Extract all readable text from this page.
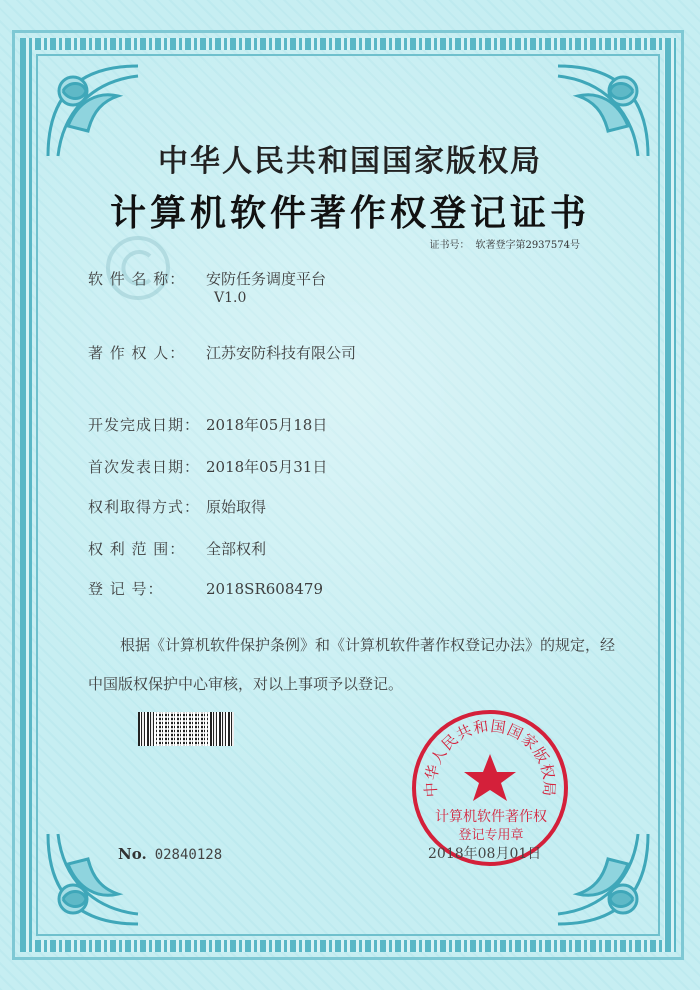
中华人民共和国国家版权局
计算机软件著作权登记证书
证书号： 软著登字第2937574号
软 件 名 称： 安防任务调度平台
V1.0
著 作 权 人： 江苏安防科技有限公司
开发完成日期： 2018年05月18日
首次发表日期： 2018年05月31日
权利取得方式： 原始取得
权 利 范 围： 全部权利
登 记 号：	2018SR608479
根据《计算机软件保护条例》和《计算机软件著作权登记办法》的规定，经中国版权保护中心审核，对以上事项予以登记。
No. 02840128
中华人民共和国国家版权局
计算机软件著作权
登记专用章
2018年08月01日
